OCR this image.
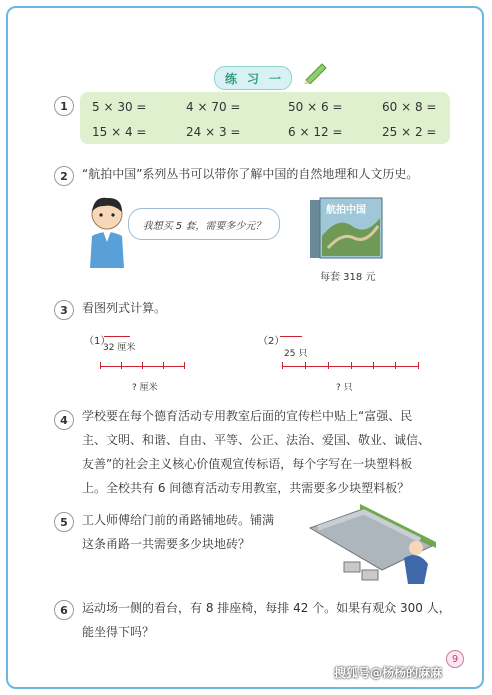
练 习 一
1	5 × 30 =	4 × 70 =	50 × 6 =	60 × 8 =
15 × 4 =	24 × 3 =	6 × 12 =	25 × 2 =
2	“航拍中国”系列丛书可以带你了解中国的自然地理和人文历史。
我想买 5 套，需要多少元？
航拍中国
每套 318 元
3	看图列式计算。
（1）
32 厘米
? 厘米
（2）
25 只
? 只
4	学校要在每个德育活动专用教室后面的宣传栏中贴上“富强、民
主、文明、和谐、自由、平等、公正、法治、爱国、敬业、诚信、
友善”的社会主义核心价值观宣传标语，每个字写在一块塑料板
上。全校共有 6 间德育活动专用教室，共需要多少块塑料板？
5	工人师傅给门前的甬路铺地砖。铺满
这条甬路一共需要多少块地砖？
6	运动场一侧的看台，有 8 排座椅，每排 42 个。如果有观众 300 人，
能坐得下吗？
9
搜狐号@杨杨的麻麻
